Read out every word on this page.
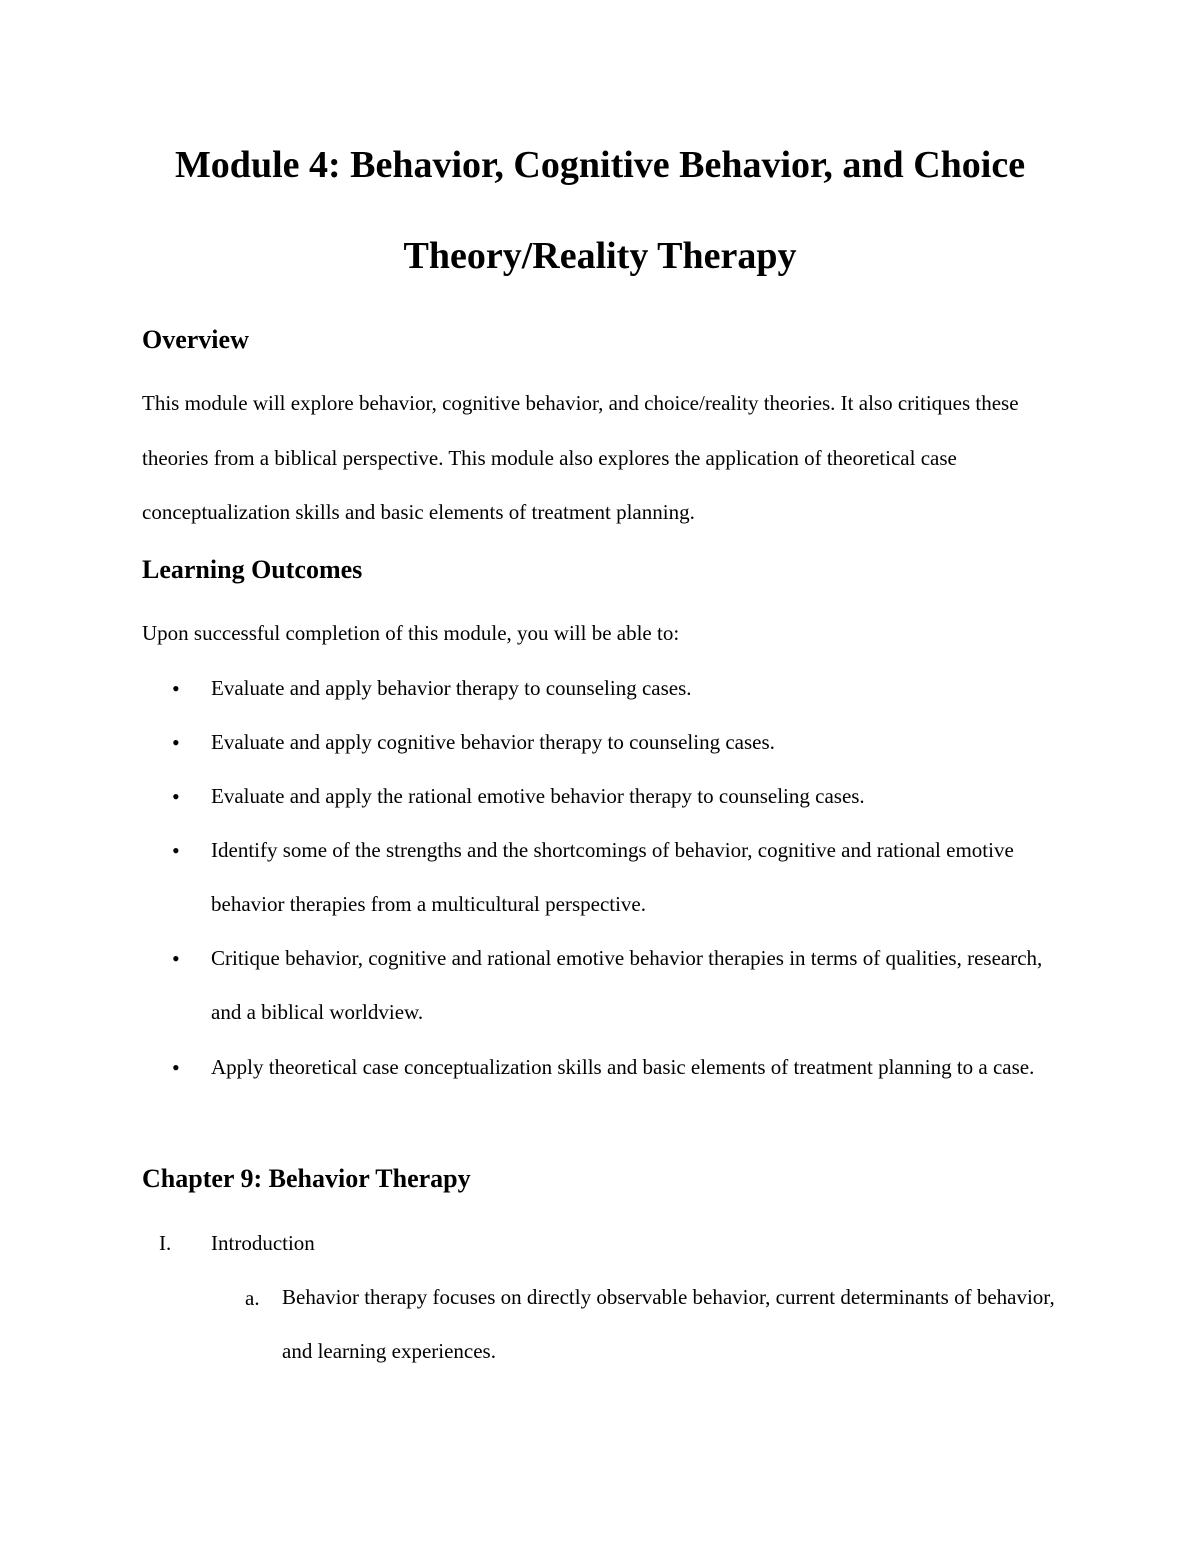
Module 4: Behavior, Cognitive Behavior, and Choice
Theory/Reality Therapy
Overview

This module will explore behavior, cognitive behavior, and choice/reality theories. It also critiques these theories from a biblical perspective. This module also explores the application of theoretical case conceptualization skills and basic elements of treatment planning.

Learning Outcomes

Upon successful completion of this module, you will be able to:

• Evaluate and apply behavior therapy to counseling cases.

• Evaluate and apply cognitive behavior therapy to counseling cases.

• Evaluate and apply the rational emotive behavior therapy to counseling cases.

• Identify some of the strengths and the shortcomings of behavior, cognitive and rational emotive behavior therapies from a multicultural perspective.

• Critique behavior, cognitive and rational emotive behavior therapies in terms of qualities, research, and a biblical worldview.

• Apply theoretical case conceptualization skills and basic elements of treatment planning to a case.

Chapter 9: Behavior Therapy
I. Introduction
a. Behavior therapy focuses on directly observable behavior, current determinants of behavior, and learning experiences.
